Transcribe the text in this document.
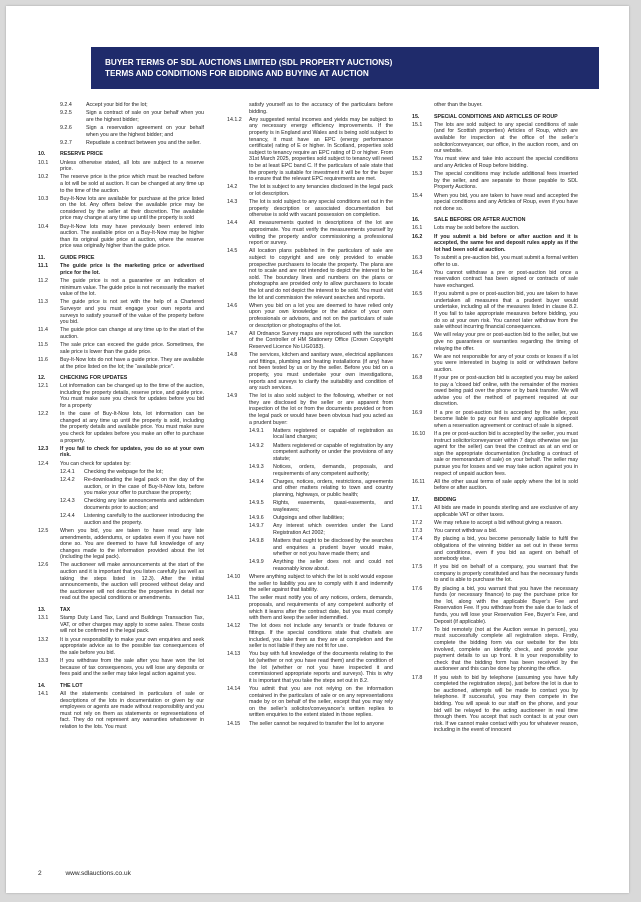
BUYER TERMS OF SDL AUCTIONS LIMITED (SDL PROPERTY AUCTIONS)
TERMS AND CONDITIONS FOR BIDDING AND BUYING AT AUCTION
9.2.4	Accept your bid for the lot;
9.2.5	Sign a contract of sale on your behalf when you are the highest bidder;
9.2.6	Sign a reservation agreement on your behalf when you are the highest bidder; and
9.2.7	Repudiate a contract between you and the seller.
10.	RESERVE PRICE
10.1	Unless otherwise stated, all lots are subject to a reserve price.
10.2	The reserve price is the price which must be reached before a lot will be sold at auction. It can be changed at any time up to the time of the auction.
10.3	Buy-It-Now lots are available for purchase at the price listed on the lot. Any offers below the available price may be considered by the seller at their discretion. The available price may change at any time up until the property is sold
10.4	Buy-It-Now lots may have previously been entered into auction. The available price on a Buy-It-Now may be higher than its original guide price at auction, where the reserve price was originally higher than the guide price.
11.	GUIDE PRICE
11.1	The guide price is the marketing price or advertised price for the lot.
11.2	The guide price is not a guarantee or an indication of minimum value. The guide price is not necessarily the market value of the lot.
11.3	The guide price is not set with the help of a Chartered Surveyor and you must engage your own reports and surveys to satisfy yourself of the value of the property before you bid.
11.4	The guide price can change at any time up to the start of the auction.
11.5	The sale price can exceed the guide price. Sometimes, the sale price is lower than the guide price.
11.6	Buy-It-Now lots do not have a guide price. They are available at the price listed on the lot; the “available price”.
12.	CHECKING FOR UPDATES
12.1	Lot information can be changed up to the time of the auction, including the property details, reserve price, and guide price. You must make sure you check for updates before you bid for a property
12.2	In the case of Buy-It-Now lots, lot information can be changed at any time up until the property is sold, including the property details and available price. You must make sure you check for updates before you make an offer to purchase a property.
12.3	If you fail to check for updates, you do so at your own risk.
12.4	You can check for updates by:
12.4.1	Checking the webpage for the lot;
12.4.2	Re-downloading the legal pack on the day of the auction, or in the case of Buy-It-Now lots, before you make your offer to purchase the property;
12.4.3	Checking any late announcements and addendum documents prior to auction; and
12.4.4	Listening carefully to the auctioneer introducing the auction and the property.
12.5	When you bid, you are taken to have read any late amendments, addendums, or updates even if you have not done so. You are deemed to have full knowledge of any changes made to the information provided about the lot (including the legal pack).
12.6	The auctioneer will make announcements at the start of the auction and it is important that you listen carefully (as well as taking the steps listed in 12.3). After the initial announcements, the auction will proceed without delay and the auctioneer will not describe the properties in detail nor read out the special conditions or amendments.
13.	TAX
13.1	Stamp Duty Land Tax, Land and Buildings Transaction Tax, VAT, or other charges may apply to some sales. These costs will not be confirmed in the legal pack.
13.2	It is your responsibility to make your own enquiries and seek appropriate advice as to the possible tax consequences of the sale before you bid.
13.3	If you withdraw from the sale after you have won the lot because of tax consequences, you will lose any deposits or fees paid and the seller may take legal action against you.
14.	THE LOT
14.1	All the statements contained in particulars of sale or descriptions of the lots in documentation or given by our employees or agents are made without responsibility and you must not rely on them as statements or representations of fact. They do not represent any warranties whatsoever in relation to the lots. You must
satisfy yourself as to the accuracy of the particulars before bidding.
14.1.2	Any suggested rental incomes and yields may be subject to any necessary energy efficiency improvements. If the property is in England and Wales and is being sold subject to tenancy, it must have an EPC (energy performance certificate) rating of E or higher. In Scotland, properties sold subject to tenancy require an EPC rating of D or higher. From 31st March 2025, properties sold subject to tenancy will need to be at least EPC band C. If the particulars of sale state that the property is suitable for investment it will be for the buyer to ensure that the relevant EPC requirements are met.
14.2	The lot is subject to any tenancies disclosed in the legal pack or lot description.
14.3	The lot is sold subject to any special conditions set out in the property description or associated documentation but otherwise is sold with vacant possession on completion.
14.4	All measurements quoted in descriptions of the lot are approximate. You must verify the measurements yourself by visiting the property and/or commissioning a professional report or survey.
14.5	All location plans published in the particulars of sale are subject to copyright and are only provided to enable prospective purchasers to locate the property. The plans are not to scale and are not intended to depict the interest to be sold. The boundary lines and numbers on the plans or photographs are provided only to allow purchasers to locate the lot and do not depict the interest to be sold. You must visit the lot and commission the relevant searches and reports.
14.6	When you bid on a lot you are deemed to have relied only upon your own knowledge or the advice of your own professionals or advisors, and not on the particulars of sale or description or photographs of the lot.
14.7	All Ordnance Survey maps are reproduced with the sanction of the Controller of HM Stationery Office (Crown Copyright Reserved Licence No LIG0183).
14.8	The services, kitchen and sanitary ware, electrical appliances and fittings, plumbing and heating installations (if any) have not been tested by us or by the seller. Before you bid on a property, you must undertake your own investigations, reports and surveys to clarify the suitability and condition of any such services.
14.9	The lot is also sold subject to the following, whether or not they are disclosed by the seller or are apparent from inspection of the lot or from the documents provided or from the legal pack or would have been obvious had you acted as a prudent buyer:
14.9.1	Matters registered or capable of registration as local land charges;
14.9.2	Matters registered or capable of registration by any competent authority or under the provisions of any statute;
14.9.3	Notices, orders, demands, proposals, and requirements of any competent authority;
14.9.4	Charges, notices, orders, restrictions, agreements and other matters relating to town and country planning, highways, or public health;
14.9.5	Rights, easements, quasi-easements, and wayleaves;
14.9.6	Outgoings and other liabilities;
14.9.7	Any interest which overrides under the Land Registration Act 2002;
14.9.8	Matters that ought to be disclosed by the searches and enquiries a prudent buyer would make, whether or not you have made them; and
14.9.9	Anything the seller does not and could not reasonably know about.
14.10	Where anything subject to which the lot is sold would expose the seller to liability you are to comply with it and indemnify the seller against that liability.
14.11	The seller must notify you of any notices, orders, demands, proposals, and requirements of any competent authority of which it learns after the contract date, but you must comply with them and keep the seller indemnified.
14.12	The lot does not include any tenant’s or trade fixtures or fittings. If the special conditions state that chattels are included, you take them as they are at completion and the seller is not liable if they are not fit for use.
14.13	You buy with full knowledge of the documents relating to the lot (whether or not you have read them) and the condition of the lot (whether or not you have inspected it and commissioned appropriate reports and surveys). This is why it is important that you take the steps set out in 8.2.
14.14	You admit that you are not relying on the information contained in the particulars of sale or on any representations made by or on behalf of the seller, except that you may rely on the seller’s solicitor/conveyancer’s written replies to written enquiries to the extent stated in those replies.
14.15	The seller cannot be required to transfer the lot to anyone
other than the buyer.
15.	SPECIAL CONDITIONS AND ARTICLES OF ROUP
15.1	The lots are sold subject to any special conditions of sale (and for Scottish properties) Articles of Roup, which are available for inspection at the office of the seller’s solicitor/conveyancer, our office, in the auction room, and on our website.
15.2	You must view and take into account the special conditions and any Articles of Roup before bidding.
15.3	The special conditions may include additional fees inserted by the seller, and are separate to those payable to SDL Property Auctions.
15.4	When you bid, you are taken to have read and accepted the special conditions and any Articles of Roup, even if you have not done so.
16.	SALE BEFORE OR AFTER AUCTION
16.1	Lots may be sold before the auction.
16.2	If you submit a bid before or after auction and it is accepted, the same fee and deposit rules apply as if the lot had been sold at auction.
16.3	To submit a pre-auction bid, you must submit a formal written offer to us.
16.4	You cannot withdraw a pre or post-auction bid once a reservation contract has been signed or contracts of sale have exchanged.
16.5	If you submit a pre or post-auction bid, you are taken to have undertaken all measures that a prudent buyer would undertake, including all of the measures listed in clause 8.2. If you fail to take appropriate measures before bidding, you do so at your own risk. You cannot later withdraw from the sale without incurring financial consequences.
16.6	We will relay your pre or post-auction bid to the seller, but we give no guarantees or warranties regarding the timing of relaying the offer.
16.7	We are not responsible for any of your costs or losses if a lot you were interested in buying is sold or withdrawn before auction.
16.8	If your pre or post-auction bid is accepted you may be asked to pay a 'closed bid' online, with the remainder of the monies owed being paid over the phone or by bank transfer. We will advise you of the method of payment required at our discretion.
16.9	If a pre or post-auction bid is accepted by the seller, you become liable to pay our fees and any applicable deposit when a reservation agreement or contract of sale is signed.
16.10	If a pre or post-auction bid is accepted by the seller, you must instruct solicitor/conveyancer within 7 days otherwise we (as agent for the seller) can treat the contract as at an end or sign the appropriate documentation (including a contract of sale or memorandum of sale) on your behalf. The seller may pursue you for losses and we may take action against you in respect of unpaid auction fees.
16.11	All the other usual terms of sale apply where the lot is sold before or after auction.
17.	BIDDING
17.1	All bids are made in pounds sterling and are exclusive of any applicable VAT or other taxes.
17.2	We may refuse to accept a bid without giving a reason.
17.3	You cannot withdraw a bid.
17.4	By placing a bid, you become personally liable to fulfil the obligations of the winning bidder as set out in these terms and conditions, even if you bid as agent on behalf of somebody else.
17.5	If you bid on behalf of a company, you warrant that the company is properly constituted and has the necessary funds to and is able to purchase the lot.
17.6	By placing a bid, you warrant that you have the necessary funds (or necessary finance) to pay the purchase price for the lot, along with the applicable Buyer’s Fee and Reservation Fee. If you withdraw from the sale due to lack of funds, you will lose your Reservation Fee, Buyer’s Fee, and Deposit (if applicable).
17.7	To bid remotely (not at the Auction venue in person), you must successfully complete all registration steps. Firstly, complete the bidding form via our website for the lots involved, complete an identity check, and provide your payment details to us up front. It is your responsibility to check that the bidding form has been received by the auctioneer and this can be done by phoning the office.
17.8	If you wish to bid by telephone (assuming you have fully completed the registration steps), just before the lot is due to be auctioned, attempts will be made to contact you by telephone. If successful, you may then compete in the bidding. You will speak to our staff on the phone, and your bid will be relayed to the acting auctioneer in real time through them. You accept that such contact is at your own risk. If we cannot make contact with you for whatever reason, including in the event of innocent
2	www.sdlauctions.co.uk
